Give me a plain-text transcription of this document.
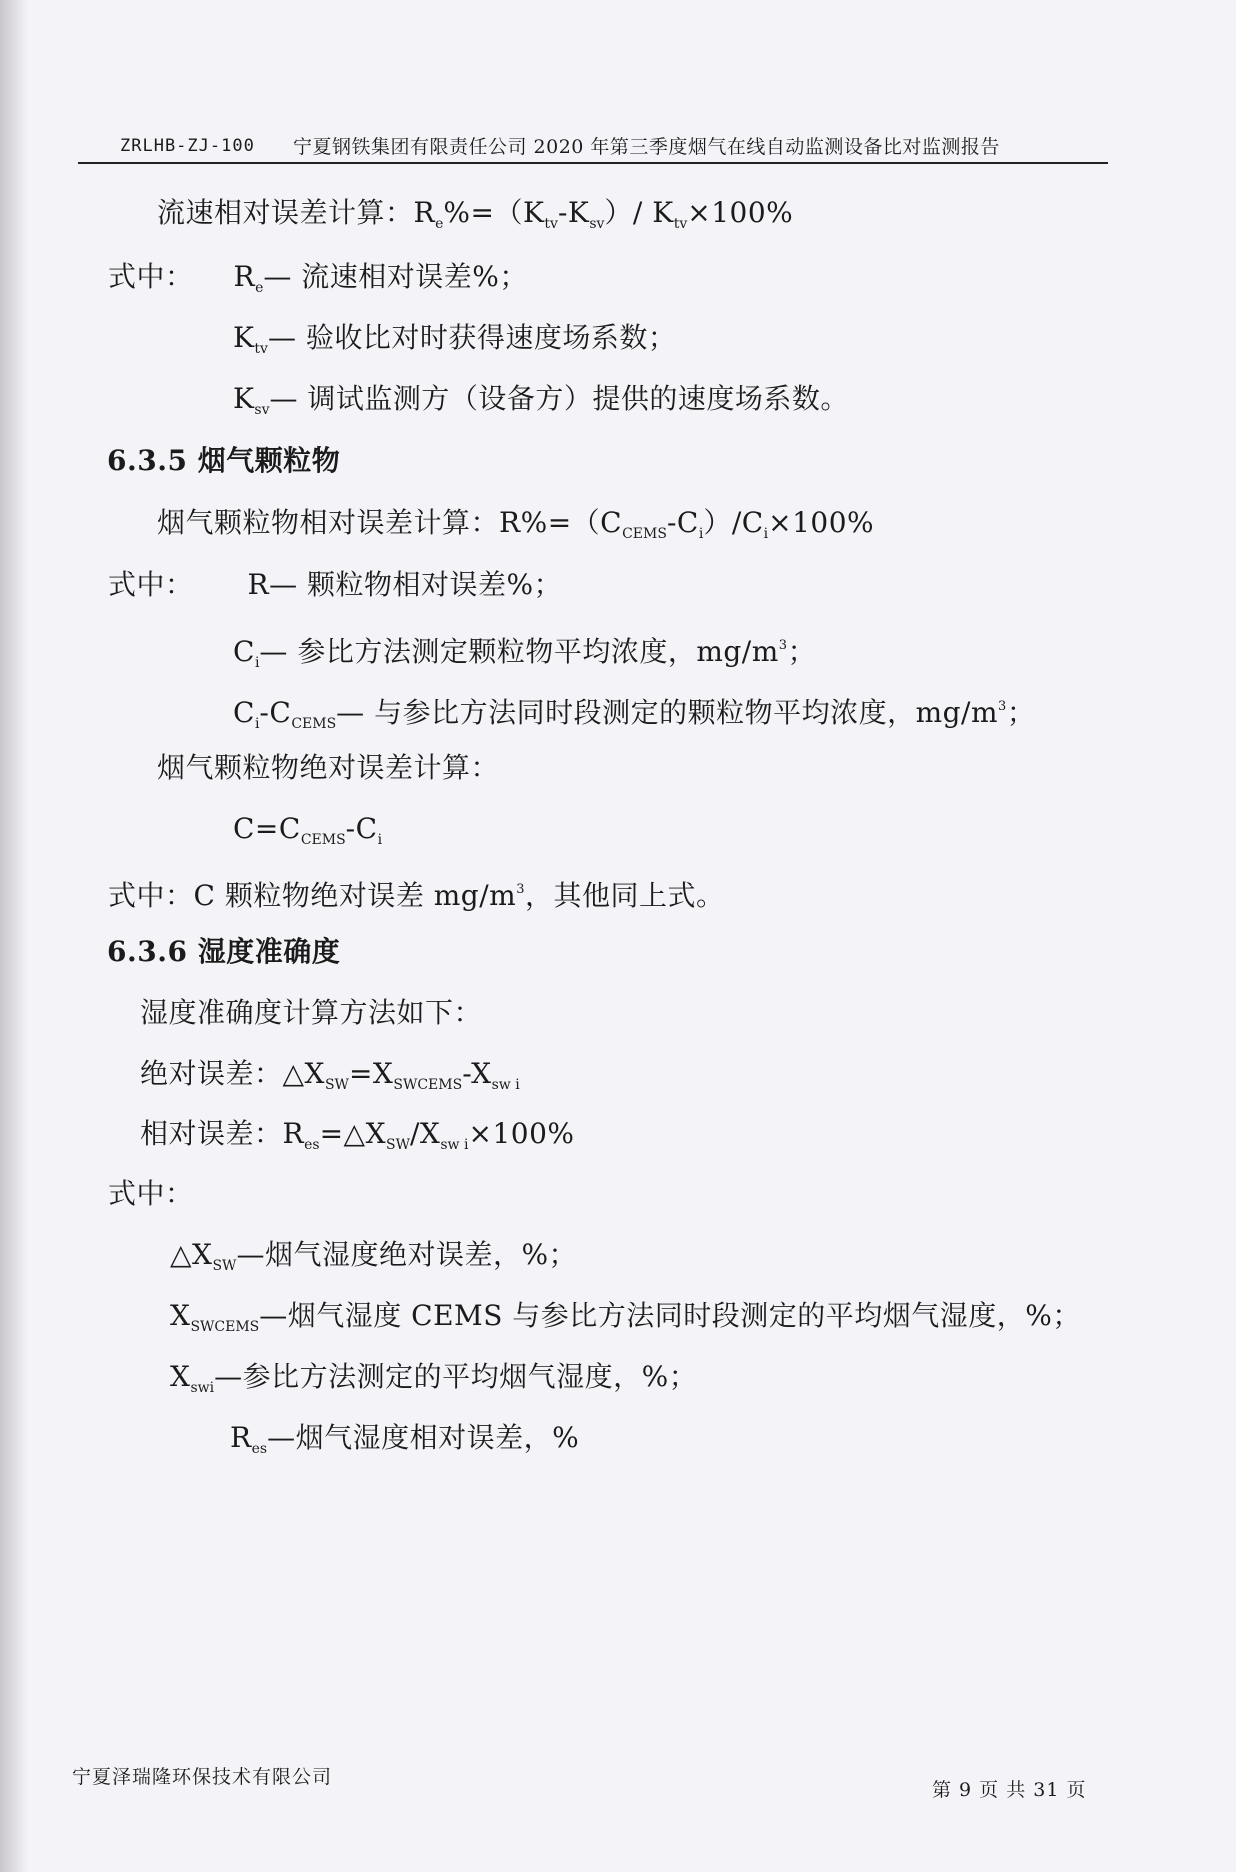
ZRLHB-ZJ-100 宁夏钢铁集团有限责任公司 2020 年第三季度烟气在线自动监测设备比对监测报告
流速相对误差计算：$R_e\%=(K_{tv}-K_{sv})/$ $K_{tv}\times 100\%$
式中： $R_e—$ 流速相对误差%；
$K_{tv}—$ 验收比对时获得速度场系数；
$K_{sv}—$ 调试监测方（设备方）提供的速度场系数。
6.3.5 烟气颗粒物
烟气颗粒物相对误差计算：$R\%=(C_{CEMS}-C_i)/C_i\times 100\%$
式中： R— 颗粒物相对误差%；
$C_i—$ 参比方法测定颗粒物平均浓度，$mg/m^3$；
$C_i-C_{CEMS}—$ 与参比方法同时段测定的颗粒物平均浓度，$mg/m^3$；
烟气颗粒物绝对误差计算：
$C=C_{CEMS}-C_i$
式中：C 颗粒物绝对误差 $mg/m^3$，其他同上式。
6.3.6 湿度准确度
湿度准确度计算方法如下：
绝对误差：$\triangle X_{SW}=X_{SWCEMS}-X_{sw i}$
相对误差：$R_{es}=\triangle X_{SW}/X_{sw i}\times 100\%$
式中：
$\triangle X_{SW}—$烟气湿度绝对误差，%；
$X_{SWCEMS}—$烟气湿度 CEMS 与参比方法同时段测定的平均烟气湿度，%；
$X_{swi}—$参比方法测定的平均烟气湿度，%；
$R_{es}—$烟气湿度相对误差，%
宁夏泽瑞隆环保技术有限公司
第 9 页 共 31 页
